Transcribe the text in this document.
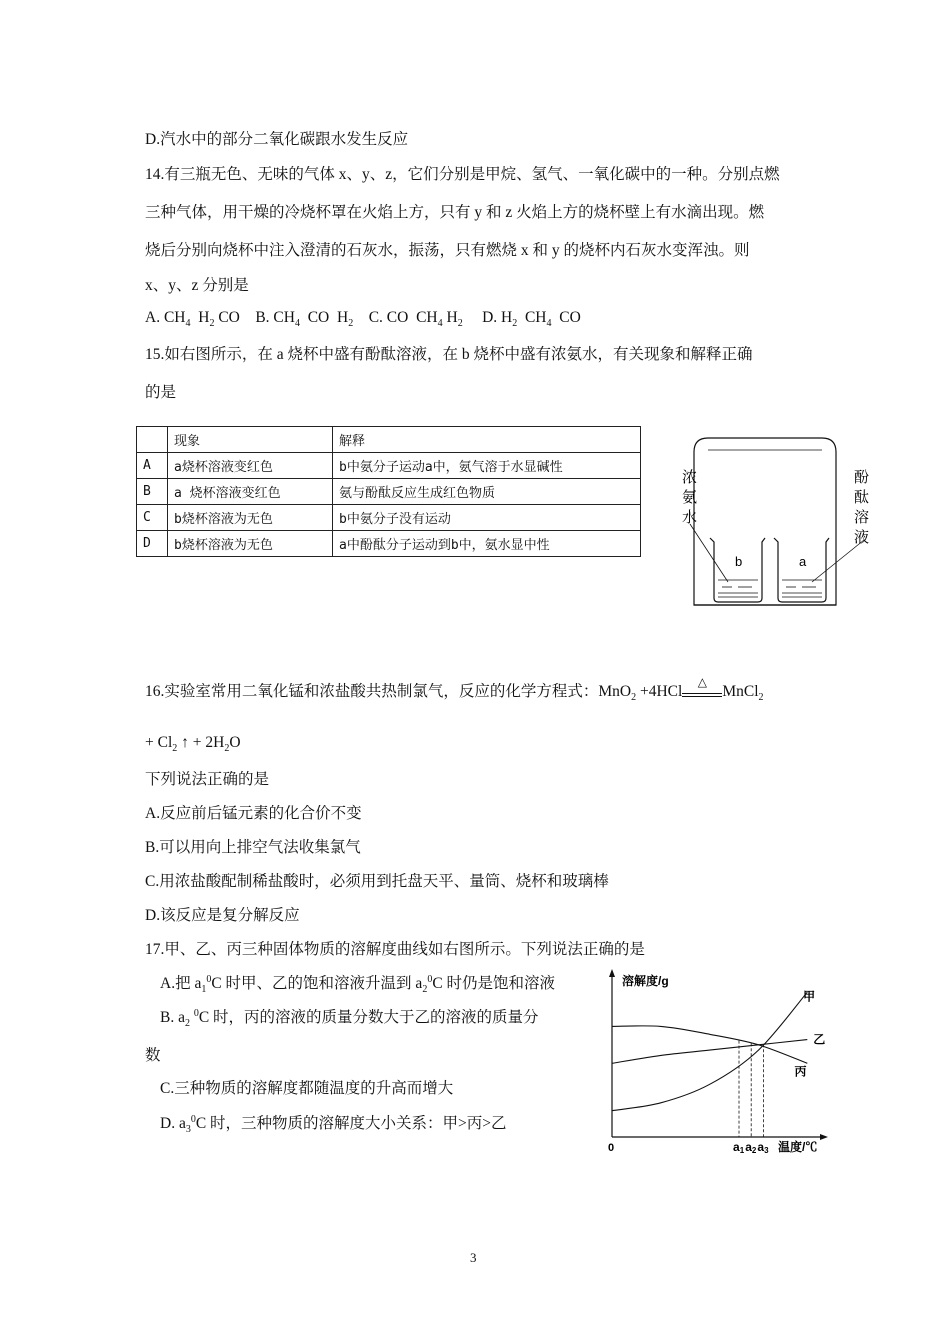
D.汽水中的部分二氧化碳跟水发生反应
14.有三瓶无色、无味的气体 x、y、z，它们分别是甲烷、氢气、一氧化碳中的一种。分别点燃
三种气体，用干燥的冷烧杯罩在火焰上方，只有 y 和 z 火焰上方的烧杯壁上有水滴出现。燃
烧后分别向烧杯中注入澄清的石灰水，振荡，只有燃烧 x 和 y 的烧杯内石灰水变浑浊。则
x、y、z 分别是
A. $CH_4$  $H_2$ CO    B. $CH_4$  CO  $H_2$    C. CO  $CH_4$ $H_2$     D. $H_2$  $CH_4$  CO
15.如右图所示，在 a 烧杯中盛有酚酞溶液，在 b 烧杯中盛有浓氨水，有关现象和解释正确
的是
	现象	解释
A	a烧杯溶液变红色	b中氨分子运动a中，氨气溶于水显碱性
B	a 烧杯溶液变红色	氨与酚酞反应生成红色物质
C	b烧杯溶液为无色	b中氨分子没有运动
D	b烧杯溶液为无色	a中酚酞分子运动到b中，氨水显中性
b	a
浓
氨
水
酚
酞
溶
液
16.实验室常用二氧化锰和浓盐酸共热制氯气，反应的化学方程式：MnO$_2$ +4HCl
△
MnCl$_2$
+ $Cl_2$ ↑ + $2H_2O$
下列说法正确的是
A.反应前后锰元素的化合价不变
B.可以用向上排空气法收集氯气
C.用浓盐酸配制稀盐酸时，必须用到托盘天平、量筒、烧杯和玻璃棒
D.该反应是复分解反应
17.甲、乙、丙三种固体物质的溶解度曲线如右图所示。下列说法正确的是
A.把 $a_1^0C$ 时甲、乙的饱和溶液升温到 $a_2^0C$ 时仍是饱和溶液
B. $a_2$ $^0$C 时，丙的溶液的质量分数大于乙的溶液的质量分
数
C.三种物质的溶解度都随温度的升高而增大
D. $a_3^0C$ 时，三种物质的溶解度大小关系：甲>丙>乙
溶解度/g
0	温度/℃
甲
乙
丙
a1 a2 a3
3
